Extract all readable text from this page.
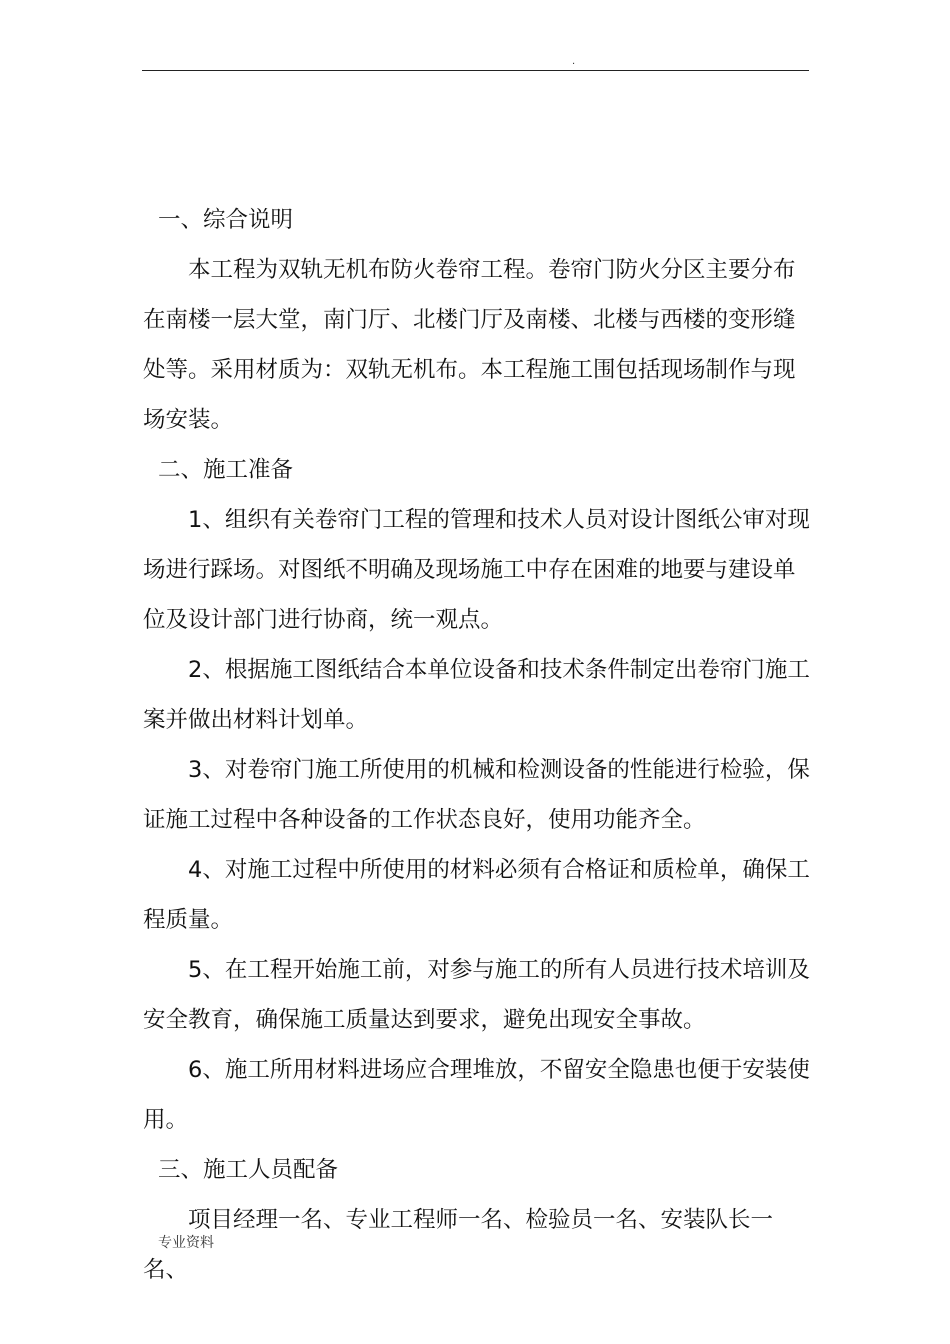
.

一、综合说明

本工程为双轨无机布防火卷帘工程。卷帘门防火分区主要分布在南楼一层大堂，南门厅、北楼门厅及南楼、北楼与西楼的变形缝处等。采用材质为：双轨无机布。本工程施工围包括现场制作与现场安装。

二、施工准备

1、组织有关卷帘门工程的管理和技术人员对设计图纸公审对现场进行踩场。对图纸不明确及现场施工中存在困难的地要与建设单位及设计部门进行协商，统一观点。

2、根据施工图纸结合本单位设备和技术条件制定出卷帘门施工案并做出材料计划单。

3、对卷帘门施工所使用的机械和检测设备的性能进行检验，保证施工过程中各种设备的工作状态良好，使用功能齐全。

4、对施工过程中所使用的材料必须有合格证和质检单，确保工程质量。

5、在工程开始施工前，对参与施工的所有人员进行技术培训及安全教育，确保施工质量达到要求，避免出现安全事故。

6、施工所用材料进场应合理堆放，不留安全隐患也便于安装使用。

三、施工人员配备

项目经理一名、专业工程师一名、检验员一名、安装队长一名、

专业资料
